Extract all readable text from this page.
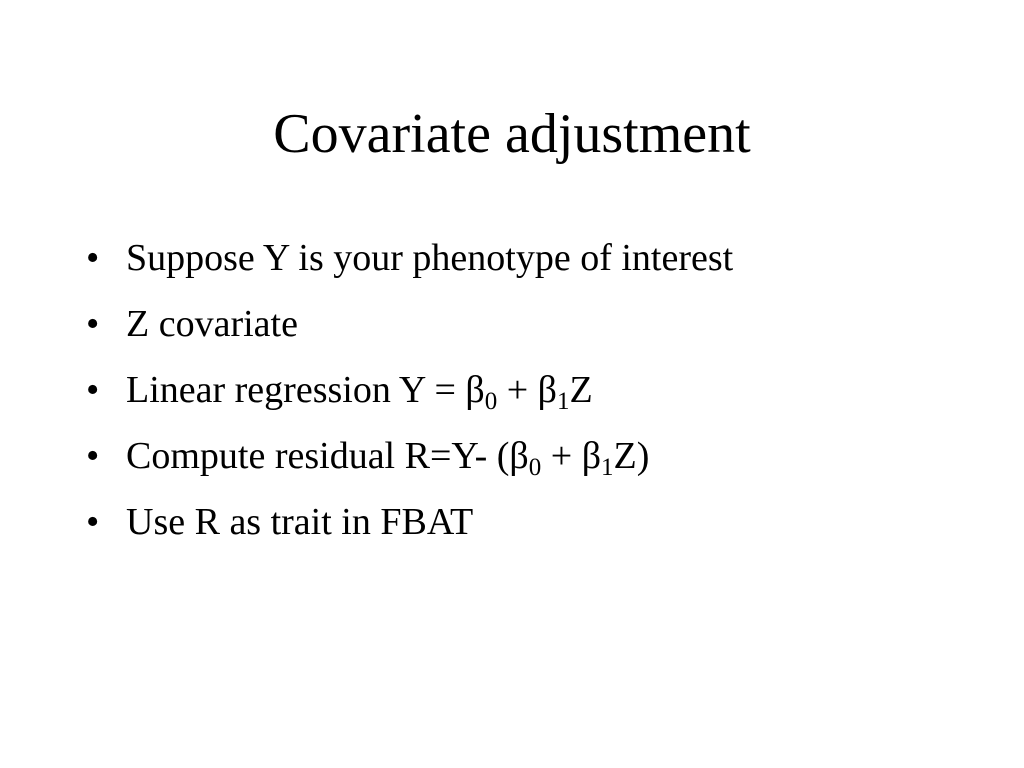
Covariate adjustment
• Suppose Y is your phenotype of interest
• Z covariate
• Linear regression $Y = \beta_0 + \beta_1Z$
• Compute residual R=Y- $(\beta_0 + \beta_1Z)$
• Use R as trait in FBAT
